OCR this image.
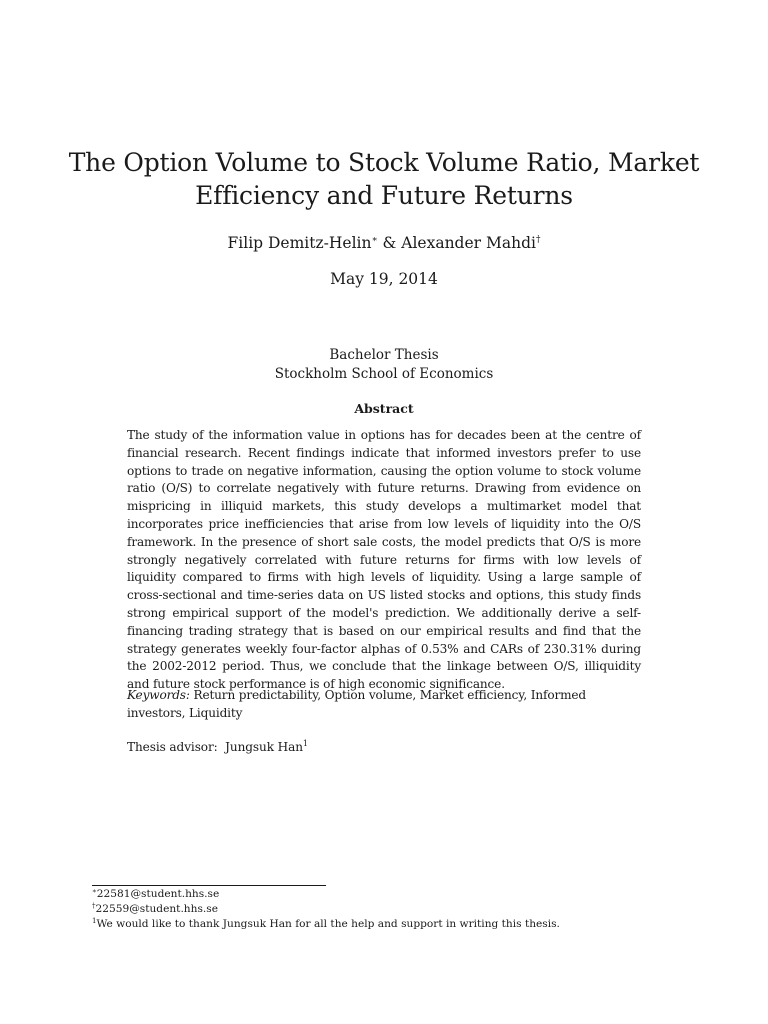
The Option Volume to Stock Volume Ratio, Market
Efficiency and Future Returns
Filip Demitz-Helin∗ & Alexander Mahdi†
May 19, 2014
Bachelor Thesis
Stockholm School of Economics
Abstract

The study of the information value in options has for decades been at the centre of financial research. Recent findings indicate that informed investors prefer to use options to trade on negative information, causing the option volume to stock volume ratio (O/S) to correlate negatively with future returns. Drawing from evidence on mispricing in illiquid markets, this study develops a multimarket model that incorporates price inefficiencies that arise from low levels of liquidity into the O/S framework. In the presence of short sale costs, the model predicts that O/S is more strongly negatively correlated with future returns for firms with low levels of liquidity compared to firms with high levels of liquidity. Using a large sample of cross-sectional and time-series data on US listed stocks and options, this study finds strong empirical support of the model's prediction. We additionally derive a self-financing trading strategy that is based on our empirical results and find that the strategy generates weekly four-factor alphas of 0.53% and CARs of 230.31% during the 2002-2012 period. Thus, we conclude that the linkage between O/S, illiquidity and future stock performance is of high economic significance.

Keywords: Return predictability, Option volume, Market efficiency, Informed investors, Liquidity

Thesis advisor: Jungsuk Han$^1$

∗22581@student.hhs.se
†22559@student.hhs.se
$^1$We would like to thank Jungsuk Han for all the help and support in writing this thesis.
